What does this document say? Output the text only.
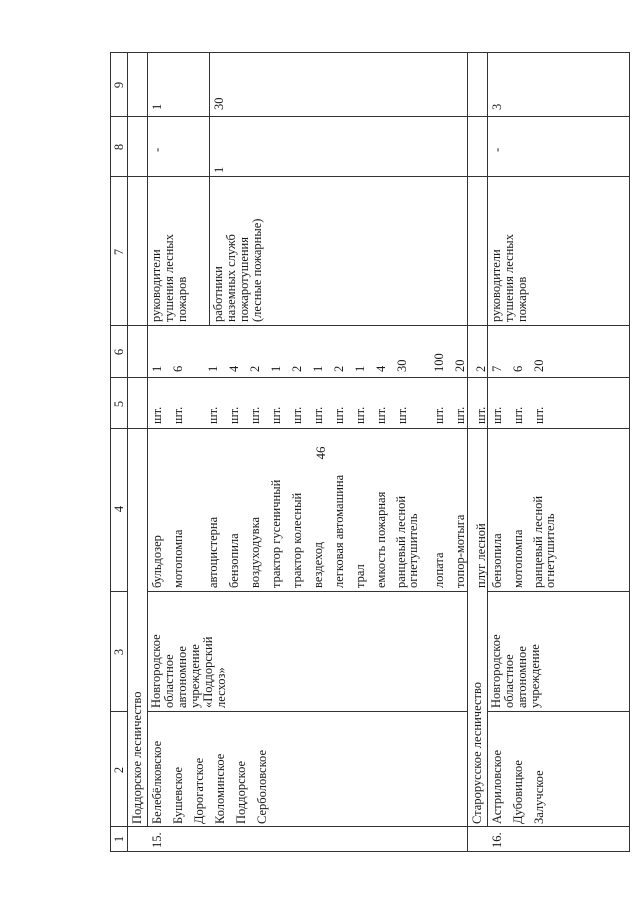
46
1
2
3
4
5
6
7
8
9
Поддорское лесничество
15.
Белебёлковское Бушевское Дорогатское Коломинское Поддорское Серболовское
Новгородское областное автономное учреждение «Поддорский лесхоз»
бульдозер
шт.
1
мотопомпа
шт.
6
автоцистерна
шт.
1
бензопила
шт.
4
воздуходувка
шт.
2
трактор гусеничный
шт.
1
трактор колесный
шт.
2
вездеход
шт.
1
легковая автомашина
шт.
2
трал
шт.
1
емкость пожарная
шт.
4
ранцевый лесной
огнетушитель
шт.
30
лопата
шт.
100
топор-мотыга
шт.
20
плуг лесной
шт.
2
руководители тушения лесных пожаров
-
1
работники наземных служб пожаротушения (лесные пожарные)
1
30
Старорусское лесничество
16.
Астриловское Дубовицкое Залучское
Новгородское областное автономное учреждение
бензопила
шт.
7
мотопомпа
шт.
6
ранцевый лесной
огнетушитель
шт.
20
руководители тушения лесных пожаров
-
3
